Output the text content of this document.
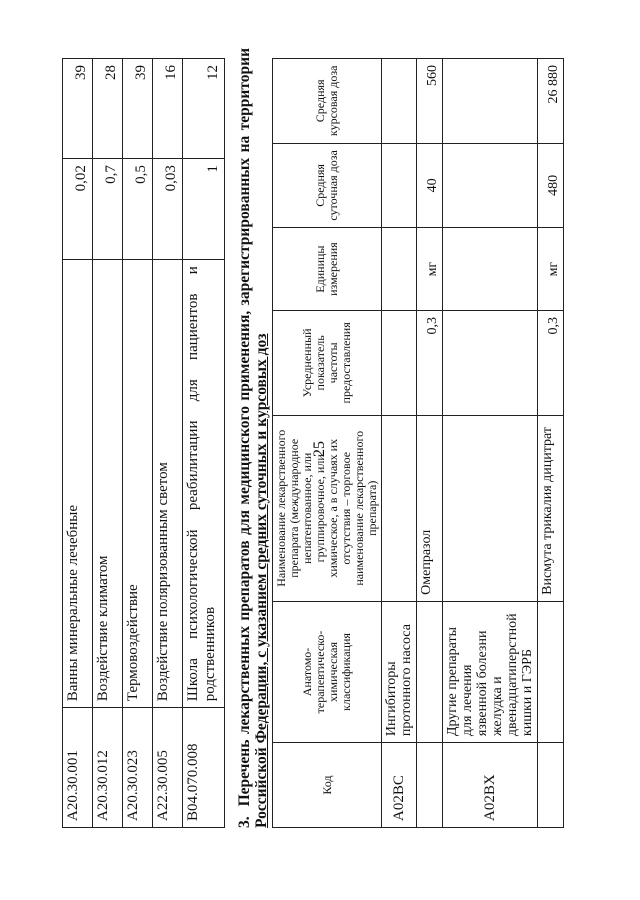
25
A20.30.001	Ванны минеральные лечебные	0,02	39
A20.30.012	Воздействие климатом	0,7	28
A20.30.023	Термовоздействие	0,5	39
A22.30.005	Воздействие поляризованным светом	0,03	16
B04.070.008	Школа психологической реабилитации для пациентов и родственников	1	12
3.Перечень лекарственных препаратов для медицинского применения, зарегистрированных на территории Российской Федерации, с указанием средних суточных и курсовых доз	Код	Анатомо-терапевтическо-химическая классификация	Наименование лекарственного препарата (международное непатентованное, или группировочное, или химическое, а в случаях их отсутствия – торговое наименование лекарственного препарата)	Усредненный показатель частоты предоставления	Единицы измерения	Средняя суточная доза	Средняя курсовая доза
A02BC	Ингибиторы протонного насоса					
		Омепразол	0,3	мг	40	560
A02BX	Другие препараты для лечения язвенной болезни желудка и двенадцатиперстной кишки и ГЭРБ					
		Висмута трикалия дицитрат	0,3	мг	480	26 880
